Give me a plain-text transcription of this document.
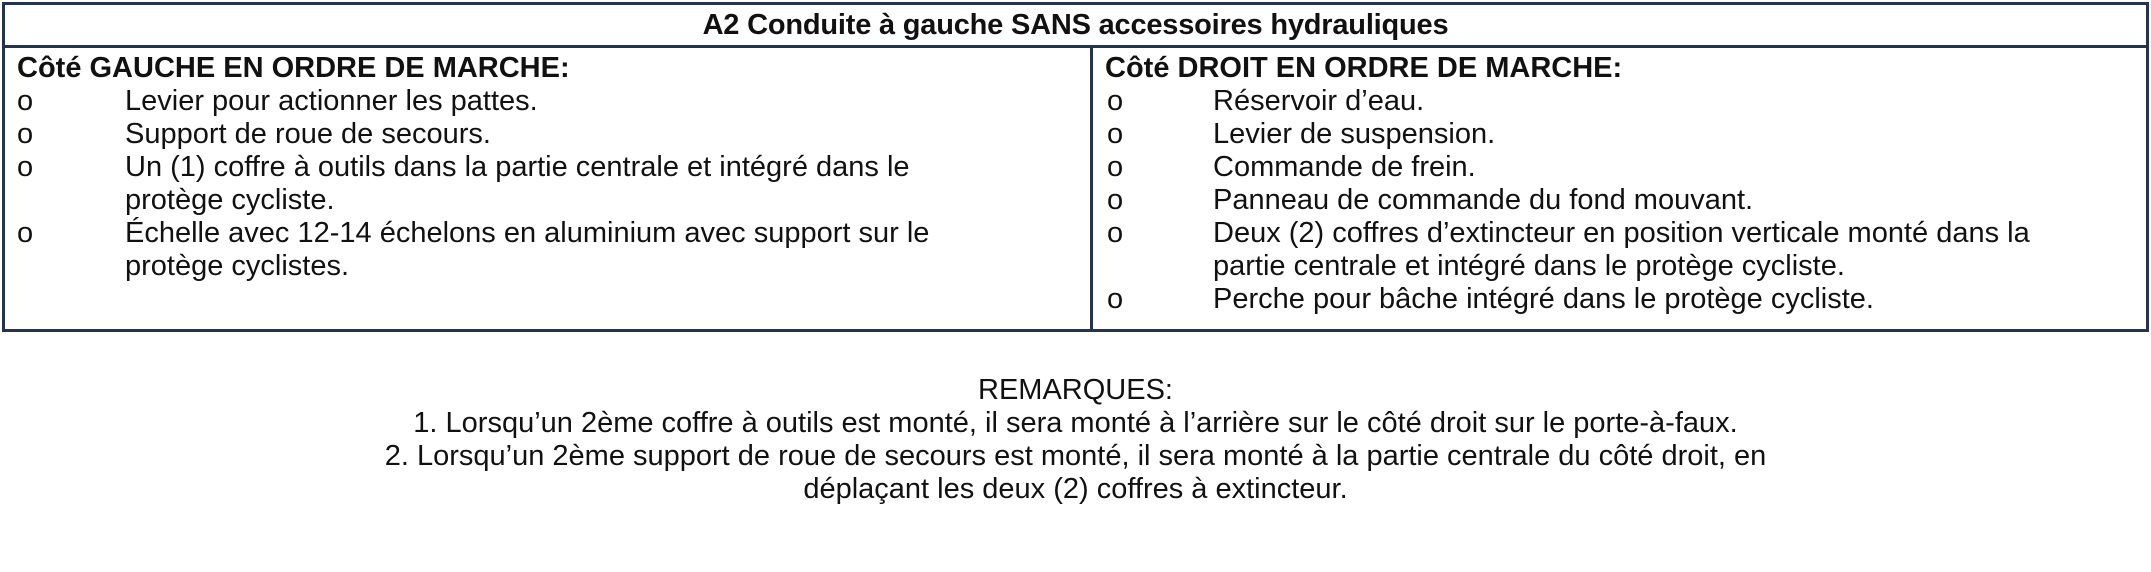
A2 Conduite à gauche SANS accessoires hydrauliques
Côté GAUCHE EN ORDRE DE MARCHE:
o	Levier pour actionner les pattes.
o	Support de roue de secours.
o	Un (1) coffre à outils dans la partie centrale et intégré dans le
protège cycliste.
o	Échelle avec 12-14 échelons en aluminium avec support sur le
protège cyclistes.
Côté DROIT EN ORDRE DE MARCHE:
o	Réservoir d’eau.
o	Levier de suspension.
o	Commande de frein.
o	Panneau de commande du fond mouvant.
o	Deux (2) coffres d’extincteur en position verticale monté dans la
partie centrale et intégré dans le protège cycliste.
o	Perche pour bâche intégré dans le protège cycliste.
REMARQUES:
1. Lorsqu’un 2ème coffre à outils est monté, il sera monté à l’arrière sur le côté droit sur le porte-à-faux.
2. Lorsqu’un 2ème support de roue de secours est monté, il sera monté à la partie centrale du côté droit, en
déplaçant les deux (2) coffres à extincteur.
